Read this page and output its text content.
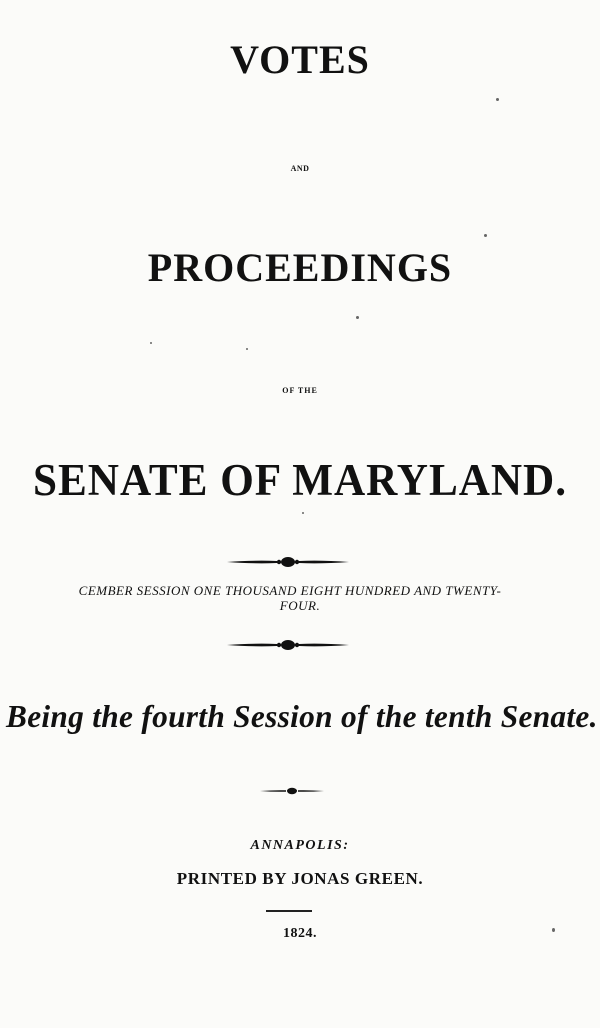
VOTES
AND
PROCEEDINGS
OF THE
SENATE OF MARYLAND.
CEMBER SESSION ONE THOUSAND EIGHT HUNDRED AND TWENTY-
FOUR.
Being the fourth Session of the tenth Senate.
ANNAPOLIS:
PRINTED BY JONAS GREEN.
1824.
